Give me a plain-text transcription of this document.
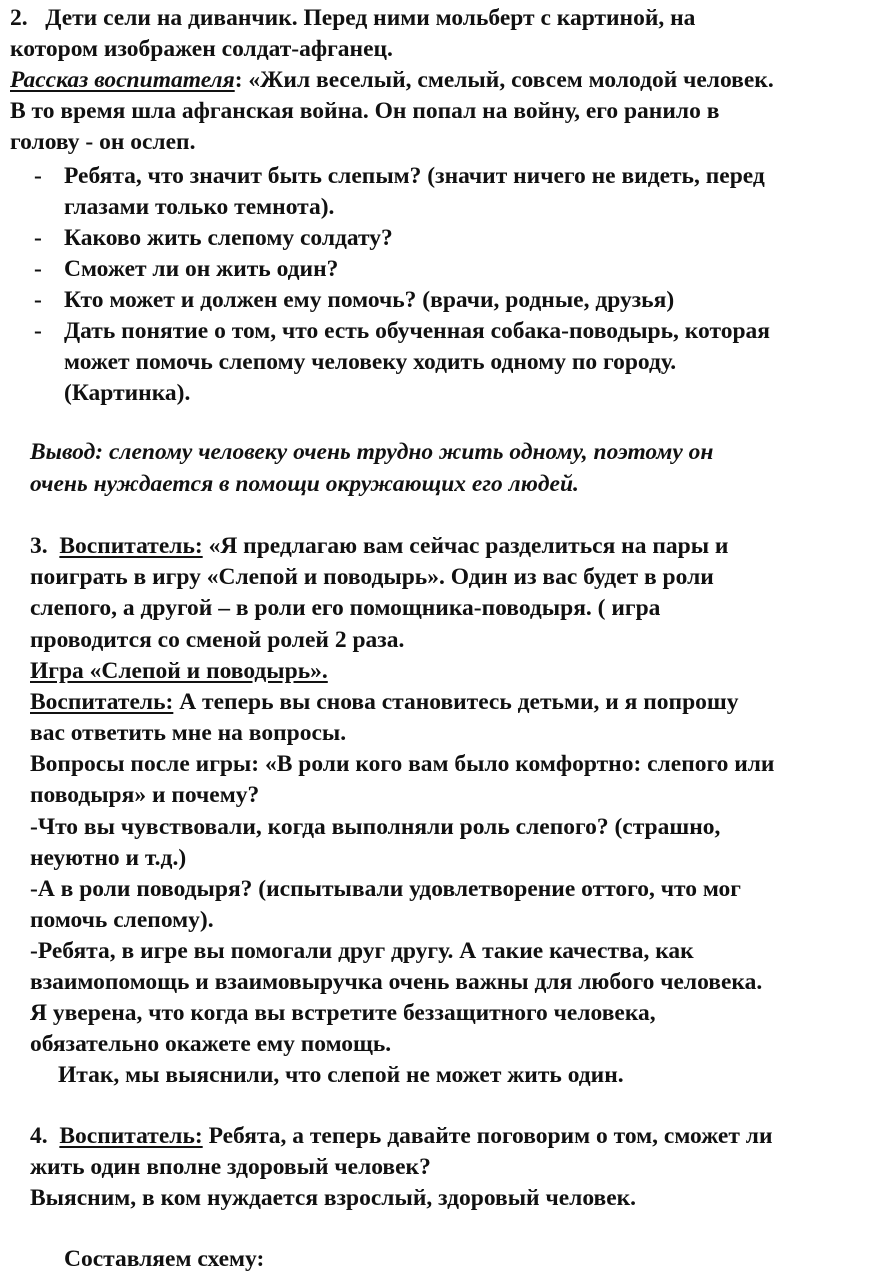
2. Дети сели на диванчик. Перед ними мольберт с картиной, на
котором изображен солдат-афганец.
Рассказ воспитателя: «Жил веселый, смелый, совсем молодой человек.
В то время шла афганская война. Он попал на войну, его ранило в
голову - он ослеп.
- Ребята, что значит быть слепым? (значит ничего не видеть, перед
глазами только темнота).
- Каково жить слепому солдату?
- Сможет ли он жить один?
- Кто может и должен ему помочь? (врачи, родные, друзья)
- Дать понятие о том, что есть обученная собака-поводырь, которая
может помочь слепому человеку ходить одному по городу.
(Картинка).
Вывод: слепому человеку очень трудно жить одному, поэтому он
очень нуждается в помощи окружающих его людей.
3. Воспитатель: «Я предлагаю вам сейчас разделиться на пары и
поиграть в игру «Слепой и поводырь». Один из вас будет в роли
слепого, а другой – в роли его помощника-поводыря. ( игра
проводится со сменой ролей 2 раза.
Игра «Слепой и поводырь».
Воспитатель: А теперь вы снова становитесь детьми, и я попрошу
вас ответить мне на вопросы.
Вопросы после игры: «В роли кого вам было комфортно: слепого или
поводыря» и почему?
-Что вы чувствовали, когда выполняли роль слепого? (страшно,
неуютно и т.д.)
-А в роли поводыря? (испытывали удовлетворение оттого, что мог
помочь слепому).
-Ребята, в игре вы помогали друг другу. А такие качества, как
взаимопомощь и взаимовыручка очень важны для любого человека.
Я уверена, что когда вы встретите беззащитного человека,
обязательно окажете ему помощь.
Итак, мы выяснили, что слепой не может жить один.
4. Воспитатель: Ребята, а теперь давайте поговорим о том, сможет ли
жить один вполне здоровый человек?
Выясним, в ком нуждается взрослый, здоровый человек.
Составляем схему:
